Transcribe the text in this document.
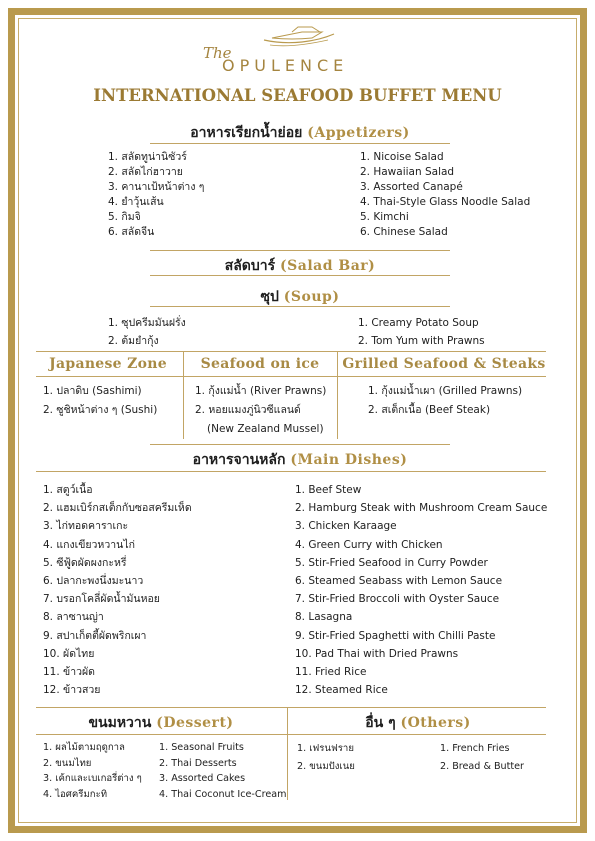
The
OPULENCE
INTERNATIONAL SEAFOOD BUFFET MENU
อาหารเรียกน้ำย่อย (Appetizers)
1. สลัดทูน่านิซัวร์
2. สลัดไก่ฮาวาย
3. คานาเป้หน้าต่าง ๆ
4. ยำวุ้นเส้น
5. กิมจิ
6. สลัดจีน
1. Nicoise Salad
2. Hawaiian Salad
3. Assorted Canapé
4. Thai-Style Glass Noodle Salad
5. Kimchi
6. Chinese Salad
สลัดบาร์ (Salad Bar)
ซุป (Soup)
1. ซุปครีมมันฝรั่ง
2. ต้มยำกุ้ง
1. Creamy Potato Soup
2. Tom Yum with Prawns
Japanese Zone	Seafood on ice	Grilled Seafood & Steaks
1. ปลาดิบ (Sashimi)
2. ซูชิหน้าต่าง ๆ (Sushi)
1. กุ้งแม่น้ำ (River Prawns)
2. หอยแมงภู่นิวซีแลนด์
(New Zealand Mussel)
1. กุ้งแม่น้ำเผา (Grilled Prawns)
2. สเต็กเนื้อ (Beef Steak)
อาหารจานหลัก (Main Dishes)
1. สตูว์เนื้อ
2. แฮมเบิร์กสเต็กกับซอสครีมเห็ด
3. ไก่ทอดคาราเกะ
4. แกงเขียวหวานไก่
5. ซีฟู้ดผัดผงกะหรี่
6. ปลากะพงนึ่งมะนาว
7. บรอกโคลี่ผัดน้ำมันหอย
8. ลาซานญ่า
9. สปาเก็ตตี้ผัดพริกเผา
10. ผัดไทย
11. ข้าวผัด
12. ข้าวสวย
1. Beef Stew
2. Hamburg Steak with Mushroom Cream Sauce
3. Chicken Karaage
4. Green Curry with Chicken
5. Stir-Fried Seafood in Curry Powder
6. Steamed Seabass with Lemon Sauce
7. Stir-Fried Broccoli with Oyster Sauce
8. Lasagna
9. Stir-Fried Spaghetti with Chilli Paste
10. Pad Thai with Dried Prawns
11. Fried Rice
12. Steamed Rice
ขนมหวาน (Dessert)	อื่น ๆ (Others)
1. ผลไม้ตามฤดูกาล
2. ขนมไทย
3. เค้กและเบเกอรี่ต่าง ๆ
4. ไอศครีมกะทิ
1. Seasonal Fruits
2. Thai Desserts
3. Assorted Cakes
4. Thai Coconut Ice-Cream
1. เฟรนฟราย
2. ขนมปังเนย
1. French Fries
2. Bread & Butter
